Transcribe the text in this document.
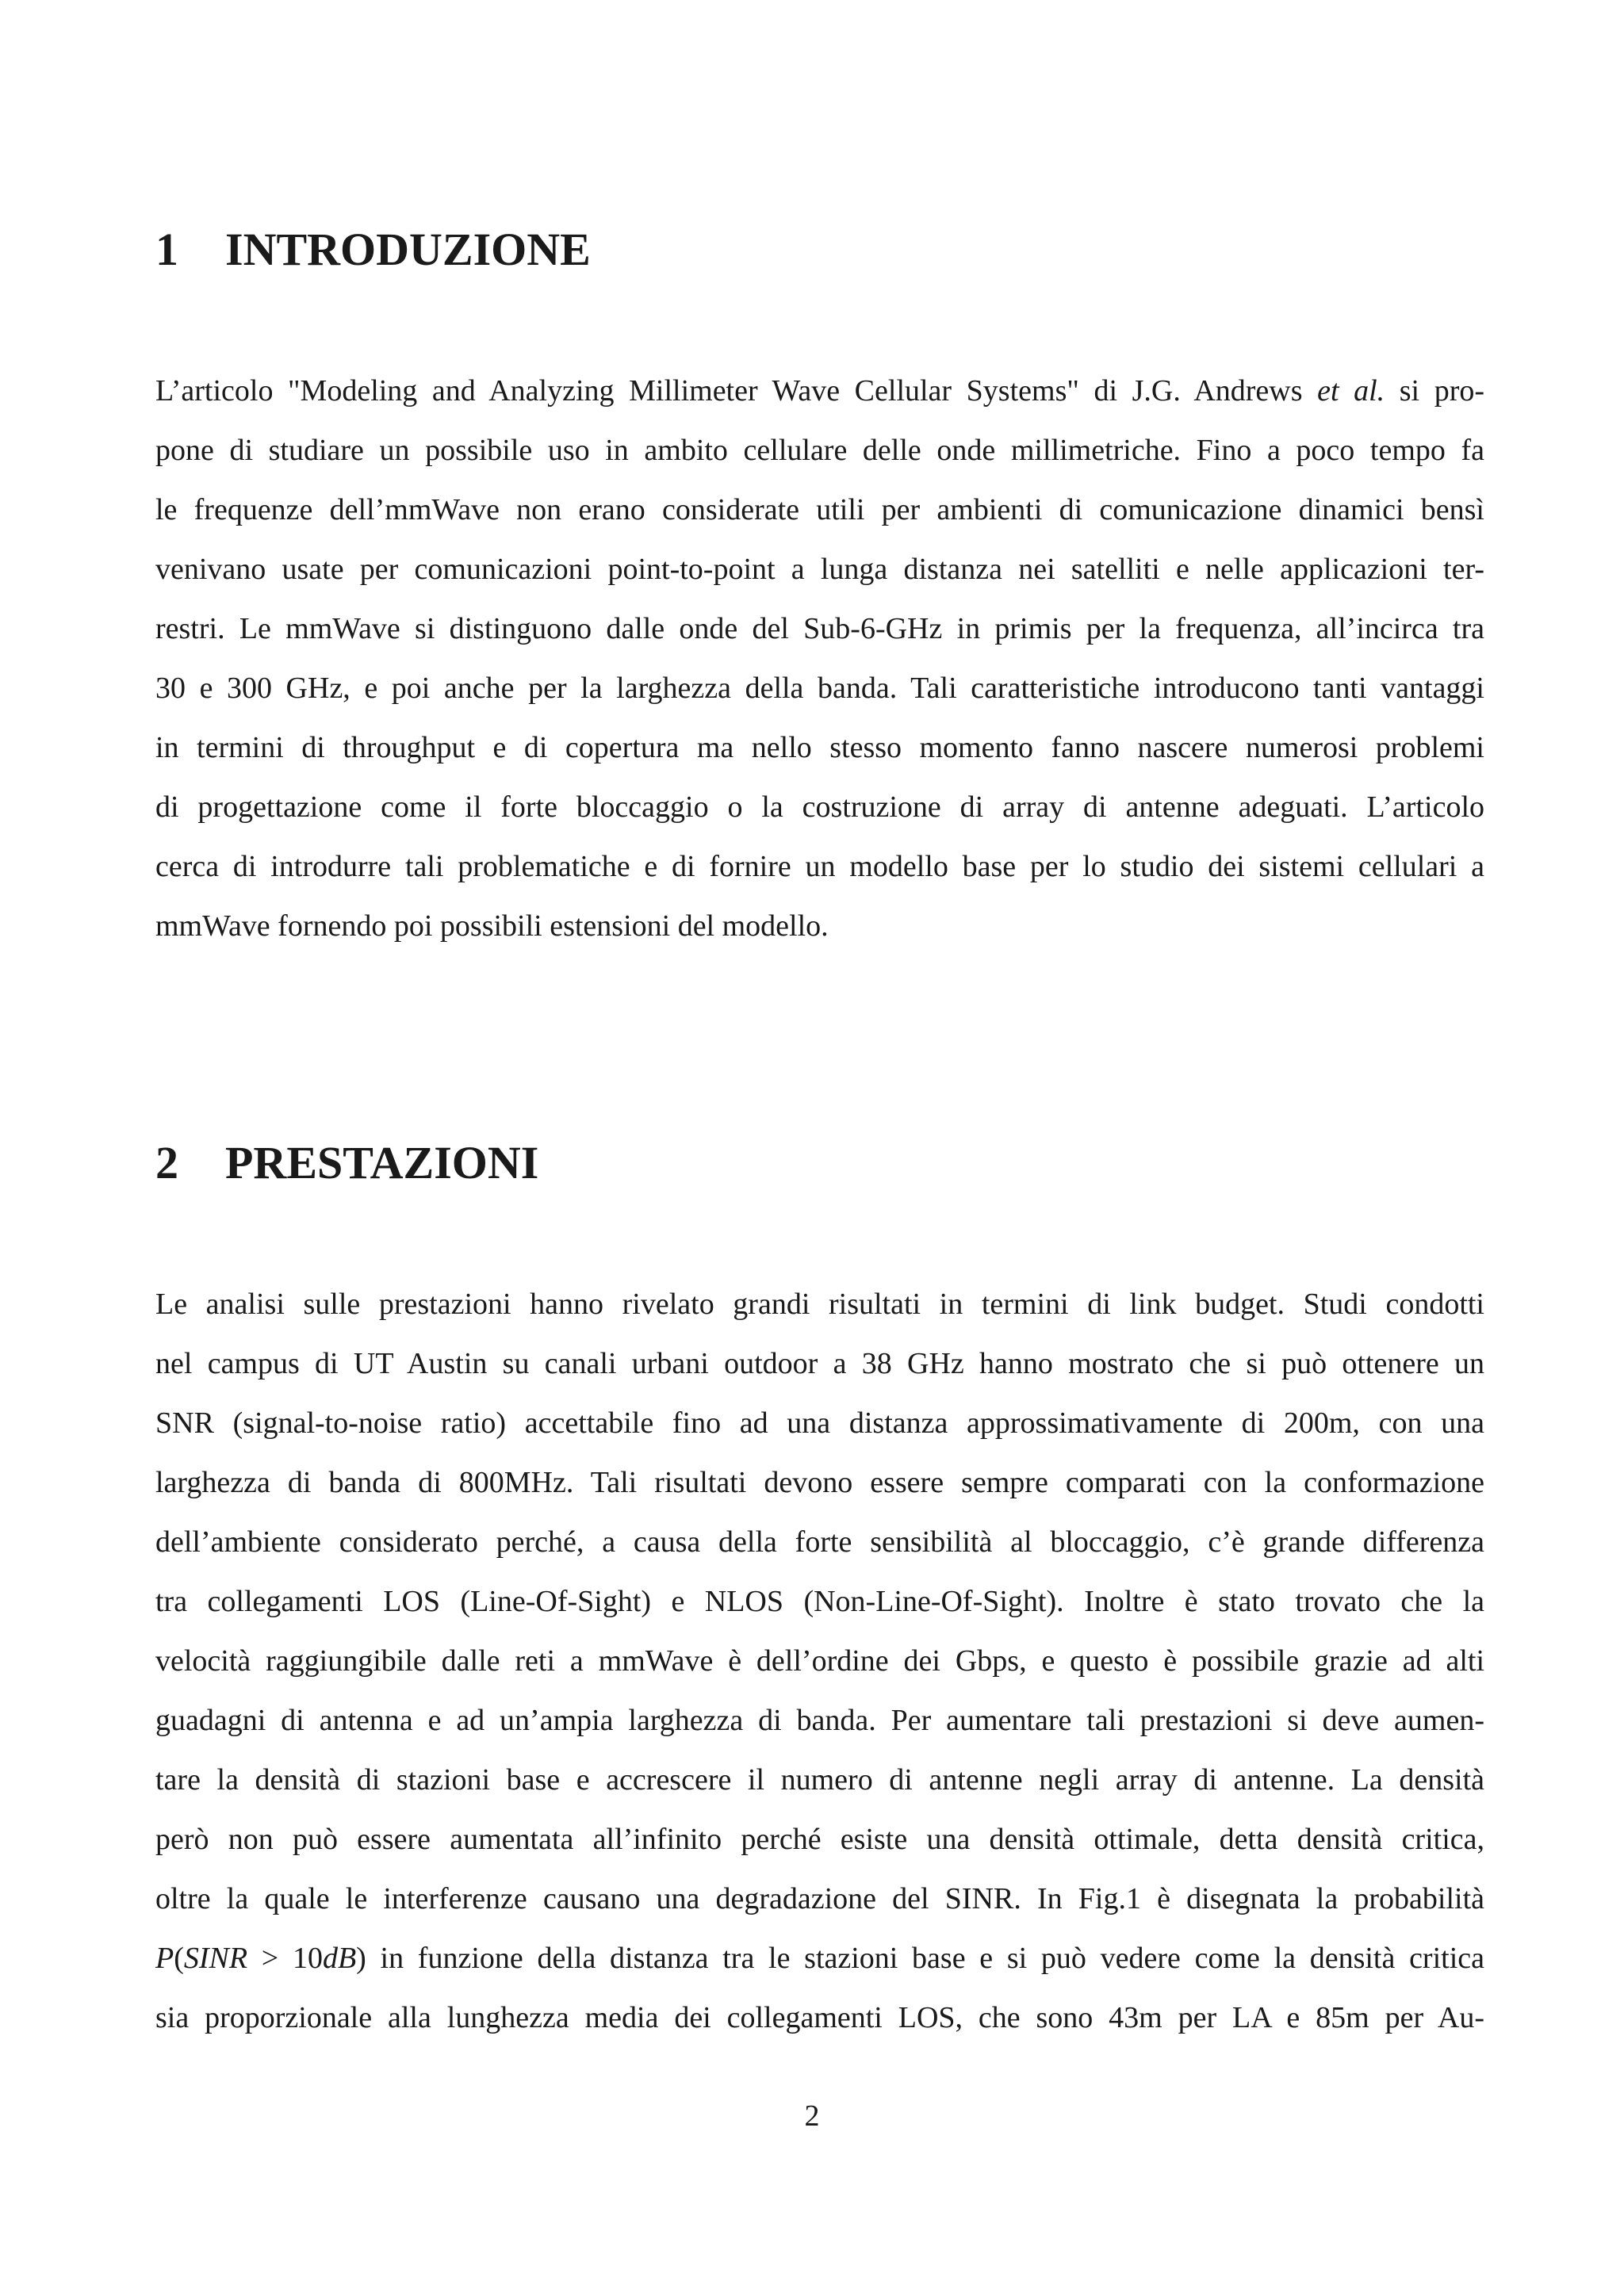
1 INTRODUZIONE
L’articolo "Modeling and Analyzing Millimeter Wave Cellular Systems" di J.G. Andrews et al. si pro-
pone di studiare un possibile uso in ambito cellulare delle onde millimetriche. Fino a poco tempo fa
le frequenze dell’mmWave non erano considerate utili per ambienti di comunicazione dinamici bensì
venivano usate per comunicazioni point-to-point a lunga distanza nei satelliti e nelle applicazioni ter-
restri. Le mmWave si distinguono dalle onde del Sub-6-GHz in primis per la frequenza, all’incirca tra
30 e 300 GHz, e poi anche per la larghezza della banda. Tali caratteristiche introducono tanti vantaggi
in termini di throughput e di copertura ma nello stesso momento fanno nascere numerosi problemi
di progettazione come il forte bloccaggio o la costruzione di array di antenne adeguati. L’articolo
cerca di introdurre tali problematiche e di fornire un modello base per lo studio dei sistemi cellulari a
mmWave fornendo poi possibili estensioni del modello.
2 PRESTAZIONI
Le analisi sulle prestazioni hanno rivelato grandi risultati in termini di link budget. Studi condotti
nel campus di UT Austin su canali urbani outdoor a 38 GHz hanno mostrato che si può ottenere un
SNR (signal-to-noise ratio) accettabile fino ad una distanza approssimativamente di 200m, con una
larghezza di banda di 800MHz. Tali risultati devono essere sempre comparati con la conformazione
dell’ambiente considerato perché, a causa della forte sensibilità al bloccaggio, c’è grande differenza
tra collegamenti LOS (Line-Of-Sight) e NLOS (Non-Line-Of-Sight). Inoltre è stato trovato che la
velocità raggiungibile dalle reti a mmWave è dell’ordine dei Gbps, e questo è possibile grazie ad alti
guadagni di antenna e ad un’ampia larghezza di banda. Per aumentare tali prestazioni si deve aumen-
tare la densità di stazioni base e accrescere il numero di antenne negli array di antenne. La densità
però non può essere aumentata all’infinito perché esiste una densità ottimale, detta densità critica,
oltre la quale le interferenze causano una degradazione del SINR. In Fig.1 è disegnata la probabilità
P(SINR > 10dB) in funzione della distanza tra le stazioni base e si può vedere come la densità critica
sia proporzionale alla lunghezza media dei collegamenti LOS, che sono 43m per LA e 85m per Au-
2
